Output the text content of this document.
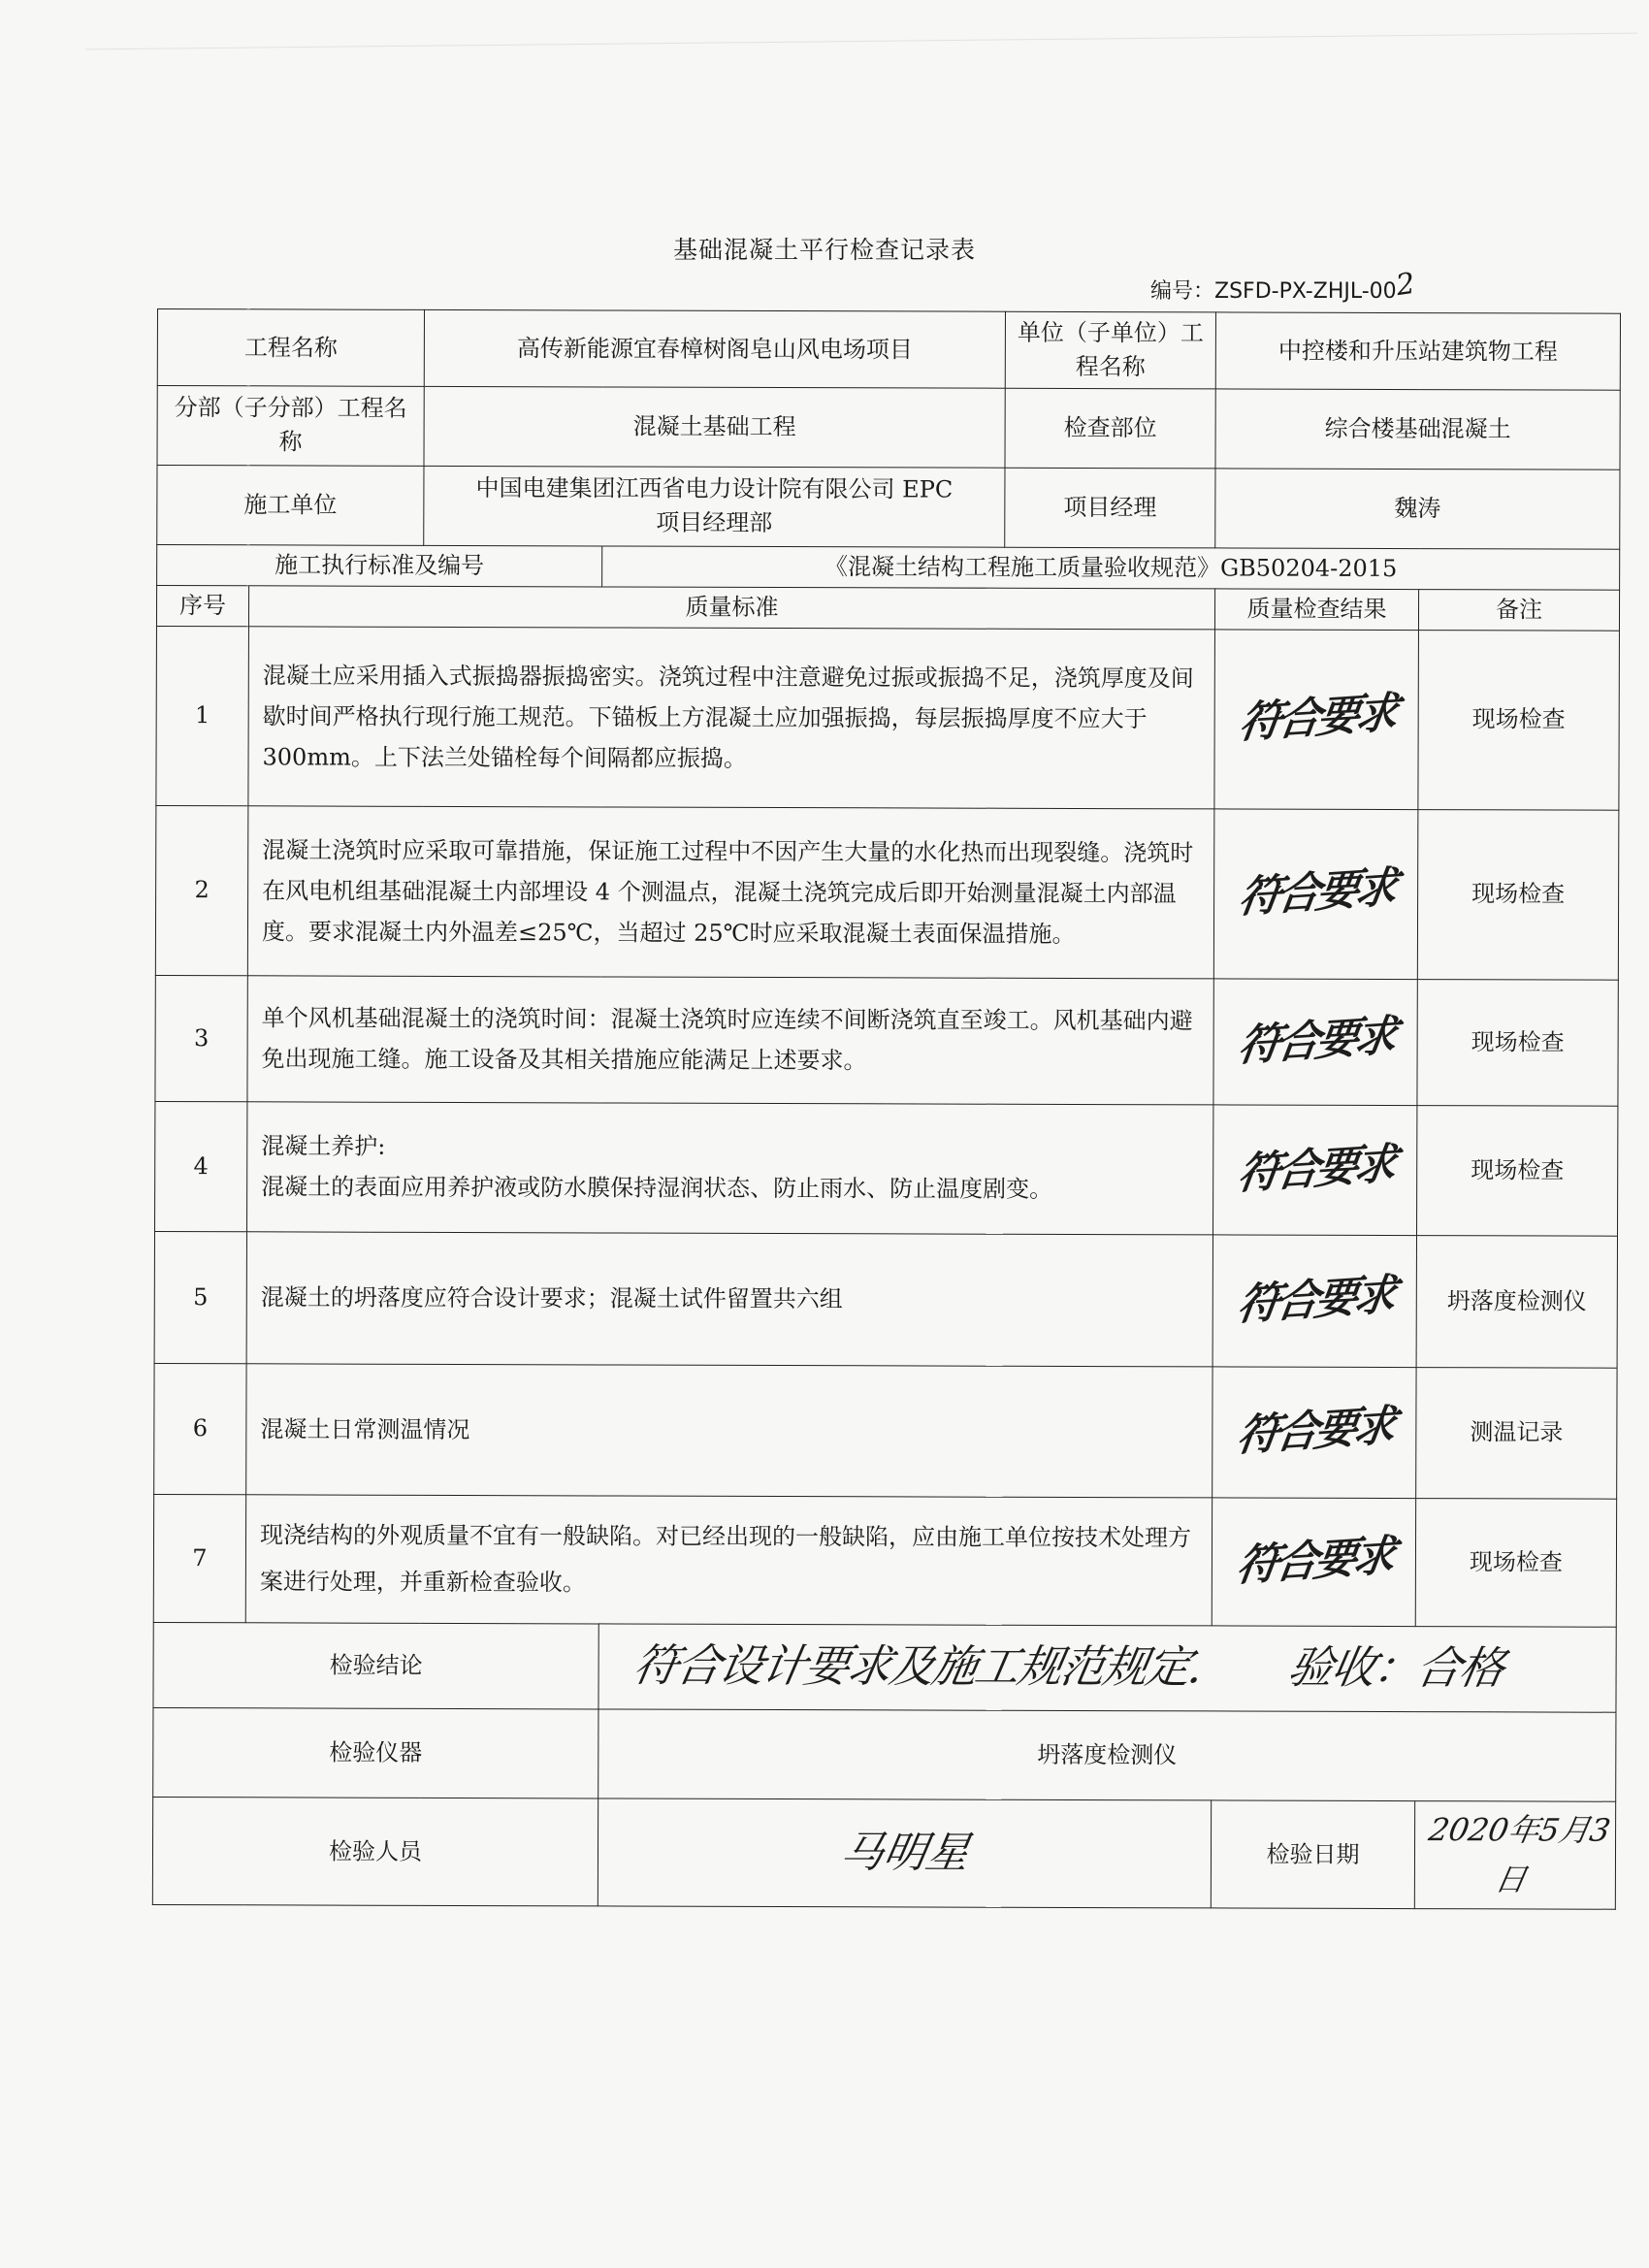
基础混凝土平行检查记录表
编号：ZSFD-PX-ZHJL-002
工程名称		高传新能源宜春樟树阁皂山风电场项目		单位（子单位）工程名称	中控楼和升压站建筑物工程	
分部（子分部）工程名称		混凝土基础工程		检查部位	综合楼基础混凝土	
施工单位		中国电建集团江西省电力设计院有限公司 EPC 项目经理部		项目经理	魏涛	
施工执行标准及编号			《混凝土结构工程施工质量验收规范》GB50204-2015			
序号	质量标准				质量检查结果	备注
1	混凝土应采用插入式振捣器振捣密实。浇筑过程中注意避免过振或振捣不足，浇筑厚度及间歇时间严格执行现行施工规范。下锚板上方混凝土应加强振捣，每层振捣厚度不应大于 300mm。上下法兰处锚栓每个间隔都应振捣。				符合要求	现场检查
2	混凝土浇筑时应采取可靠措施，保证施工过程中不因产生大量的水化热而出现裂缝。浇筑时在风电机组基础混凝土内部埋设 4 个测温点，混凝土浇筑完成后即开始测量混凝土内部温度。要求混凝土内外温差≤25℃，当超过 25℃时应采取混凝土表面保温措施。				符合要求	现场检查
3	单个风机基础混凝土的浇筑时间：混凝土浇筑时应连续不间断浇筑直至竣工。风机基础内避免出现施工缝。施工设备及其相关措施应能满足上述要求。				符合要求	现场检查
4	混凝土养护:
混凝土的表面应用养护液或防水膜保持湿润状态、防止雨水、防止温度剧变。				符合要求	现场检查
5	混凝土的坍落度应符合设计要求；混凝土试件留置共六组				符合要求	坍落度检测仪
6	混凝土日常测温情况				符合要求	测温记录
7	现浇结构的外观质量不宜有一般缺陷。对已经出现的一般缺陷，应由施工单位按技术处理方案进行处理，并重新检查验收。				符合要求	现场检查
检验结论			符合设计要求及施工规范规定. 验收：合格			
检验仪器			坍落度检测仪			
检验人员			马明星		检验日期	2020年5月3日
